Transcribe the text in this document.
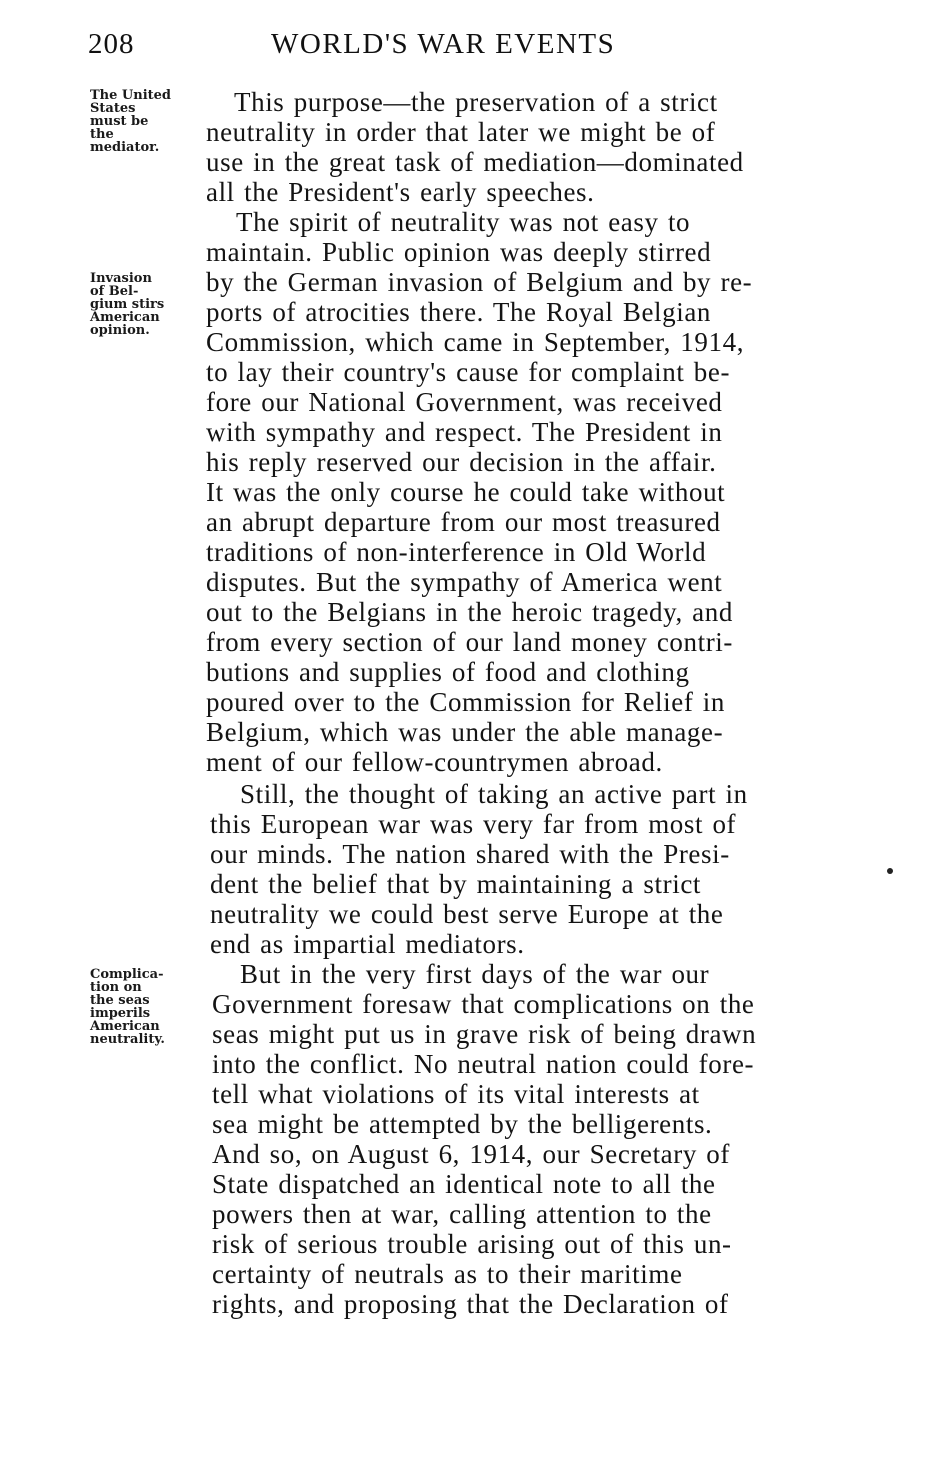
208	WORLD'S WAR EVENTS
The United
States
must be
the
mediator.
Invasion
of Bel-
gium stirs
American
opinion.
Complica-
tion on
the seas
imperils
American
neutrality.
This purpose—the preservation of a strict
neutrality in order that later we might be of
use in the great task of mediation—dominated
all the President's early speeches.
The spirit of neutrality was not easy to
maintain. Public opinion was deeply stirred
by the German invasion of Belgium and by re-
ports of atrocities there. The Royal Belgian
Commission, which came in September, 1914,
to lay their country's cause for complaint be-
fore our National Government, was received
with sympathy and respect. The President in
his reply reserved our decision in the affair.
It was the only course he could take without
an abrupt departure from our most treasured
traditions of non-interference in Old World
disputes. But the sympathy of America went
out to the Belgians in the heroic tragedy, and
from every section of our land money contri-
butions and supplies of food and clothing
poured over to the Commission for Relief in
Belgium, which was under the able manage-
ment of our fellow-countrymen abroad.
Still, the thought of taking an active part in
this European war was very far from most of
our minds. The nation shared with the Presi-
dent the belief that by maintaining a strict
neutrality we could best serve Europe at the
end as impartial mediators.
But in the very first days of the war our
Government foresaw that complications on the
seas might put us in grave risk of being drawn
into the conflict. No neutral nation could fore-
tell what violations of its vital interests at
sea might be attempted by the belligerents.
And so, on August 6, 1914, our Secretary of
State dispatched an identical note to all the
powers then at war, calling attention to the
risk of serious trouble arising out of this un-
certainty of neutrals as to their maritime
rights, and proposing that the Declaration of
